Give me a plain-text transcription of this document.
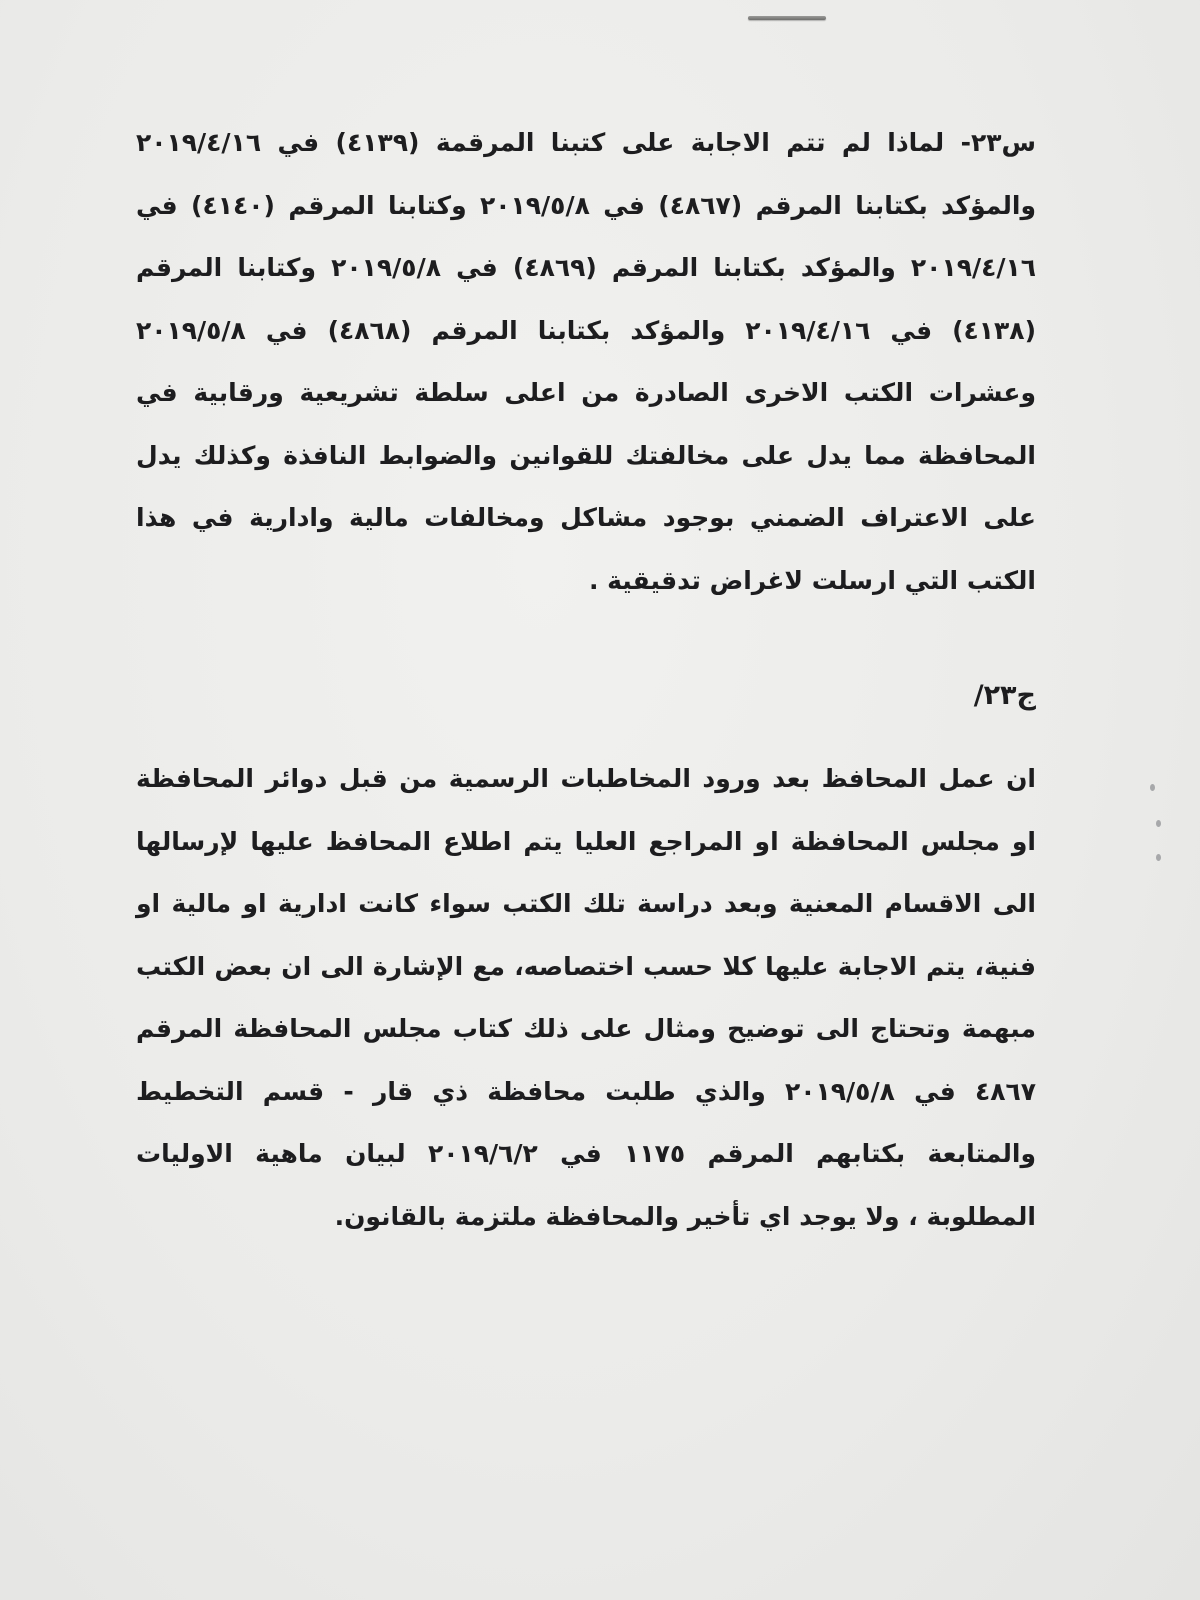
س٢٣- لماذا لم تتم الاجابة على كتبنا المرقمة (٤١٣٩) في ٢٠١٩/٤/١٦ والمؤكد بكتابنا المرقم (٤٨٦٧) في ٢٠١٩/٥/٨ وكتابنا المرقم (٤١٤٠) في ٢٠١٩/٤/١٦ والمؤكد بكتابنا المرقم (٤٨٦٩) في ٢٠١٩/٥/٨ وكتابنا المرقم (٤١٣٨) في ٢٠١٩/٤/١٦ والمؤكد بكتابنا المرقم (٤٨٦٨) في ٢٠١٩/٥/٨ وعشرات الكتب الاخرى الصادرة من اعلى سلطة تشريعية ورقابية في المحافظة مما يدل على مخالفتك للقوانين والضوابط النافذة وكذلك يدل على الاعتراف الضمني بوجود مشاكل ومخالفات مالية وادارية في هذا الكتب التي ارسلت لاغراض تدقيقية .

ج٢٣/

ان عمل المحافظ بعد ورود المخاطبات الرسمية من قبل دوائر المحافظة او مجلس المحافظة او المراجع العليا يتم اطلاع المحافظ عليها لإرسالها الى الاقسام المعنية وبعد دراسة تلك الكتب سواء كانت ادارية او مالية او فنية، يتم الاجابة عليها كلا حسب اختصاصه، مع الإشارة الى ان بعض الكتب مبهمة وتحتاج الى توضيح ومثال على ذلك كتاب مجلس المحافظة المرقم ٤٨٦٧ في ٢٠١٩/٥/٨ والذي طلبت محافظة ذي قار - قسم التخطيط والمتابعة بكتابهم المرقم ١١٧٥ في ٢٠١٩/٦/٢ لبيان ماهية الاوليات المطلوبة ، ولا يوجد اي تأخير والمحافظة ملتزمة بالقانون.
